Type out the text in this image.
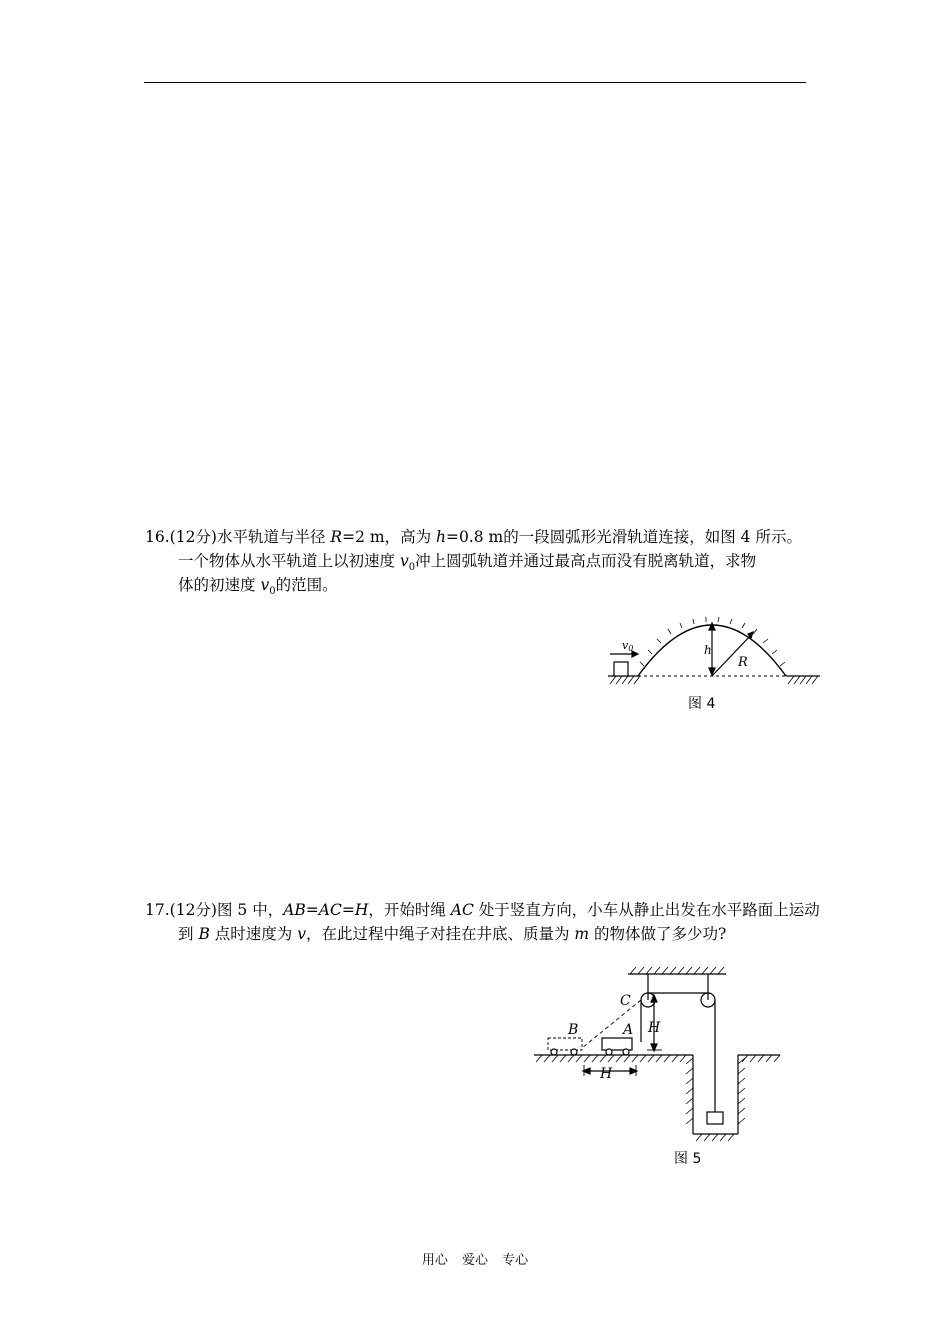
16.(12分)水平轨道与半径 R=2 m，高为 h=0.8 m的一段圆弧形光滑轨道连接，如图 4 所示。
一个物体从水平轨道上以初速度 $v_0$冲上圆弧轨道并通过最高点而没有脱离轨道，求物
体的初速度 $v_0$的范围。
v0	h
R
图 4
17.(12分)图 5 中，AB=AC=H，开始时绳 AC 处于竖直方向，小车从静止出发在水平路面上运动
到 B 点时速度为 v，在此过程中绳子对挂在井底、质量为 m 的物体做了多少功?
C
B	A H
H
图 5
用心 爱心 专心
